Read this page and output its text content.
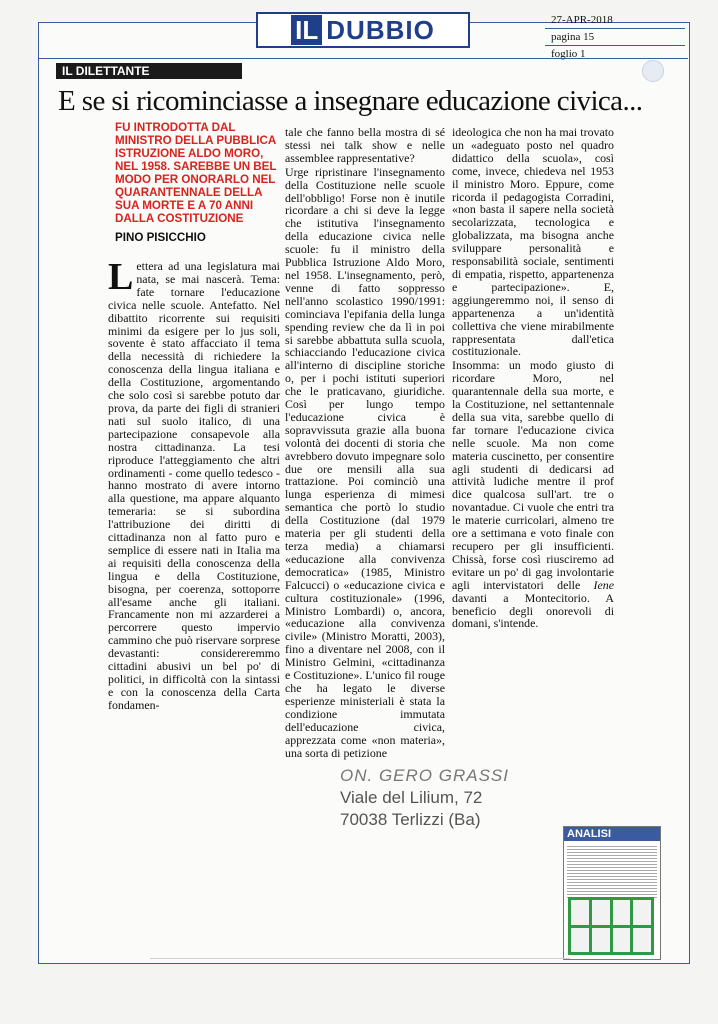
IL DUBBIO	27-APR-2018
pagina 15
foglio 1
IL DILETTANTE
E se si ricominciasse a insegnare educazione civica...
FU INTRODOTTA DAL MINISTRO DELLA PUBBLICA ISTRUZIONE ALDO MORO, NEL 1958. SAREBBE UN BEL MODO PER ONORARLO NEL QUARANTENNALE DELLA SUA MORTE E A 70 ANNI DALLA COSTITUZIONE
PINO PISICCHIO

Lettera ad una legislatura mai nata, se mai nascerà. Tema: fate tornare l'educazione civica nelle scuole. Antefatto. Nel dibattito ricorrente sui requisiti minimi da esigere per lo jus soli, sovente è stato affacciato il tema della necessità di richiedere la conoscenza della lingua italiana e della Costituzione, argomentando che solo così si sarebbe potuto dar prova, da parte dei figli di stranieri nati sul suolo italico, di una partecipazione consapevole alla nostra cittadinanza. La tesi riproduce l'atteggiamento che altri ordinamenti - come quello tedesco - hanno mostrato di avere intorno alla questione, ma appare alquanto temeraria: se si subordina l'attribuzione dei diritti di cittadinanza non al fatto puro e semplice di essere nati in Italia ma ai requisiti della conoscenza della lingua e della Costituzione, bisogna, per coerenza, sottoporre all'esame anche gli italiani. Francamente non mi azzarderei a percorrere questo impervio cammino che può riservare sorprese devastanti: considereremmo cittadini abusivi un bel po' di politici, in difficoltà con la sintassi e con la conoscenza della Carta fondamen-

tale che fanno bella mostra di sé stessi nei talk show e nelle assemblee rappresentative?

Urge ripristinare l'insegnamento della Costituzione nelle scuole dell'obbligo! Forse non è inutile ricordare a chi si deve la legge che istitutiva l'insegnamento della educazione civica nelle scuole: fu il ministro della Pubblica Istruzione Aldo Moro, nel 1958. L'insegnamento, però, venne di fatto soppresso nell'anno scolastico 1990/1991: cominciava l'epifania della lunga spending review che da lì in poi si sarebbe abbattuta sulla scuola, schiacciando l'educazione civica all'interno di discipline storiche o, per i pochi istituti superiori che le praticavano, giuridiche. Così per lungo tempo l'educazione civica è sopravvissuta grazie alla buona volontà dei docenti di storia che avrebbero dovuto impegnare solo due ore mensili alla sua trattazione. Poi cominciò una lunga esperienza di mimesi semantica che portò lo studio della Costituzione (dal 1979 materia per gli studenti della terza media) a chiamarsi «educazione alla convivenza democratica» (1985, Ministro Falcucci) o «educazione civica e cultura costituzionale» (1996, Ministro Lombardi) o, ancora, «educazione alla convivenza civile» (Ministro Moratti, 2003), fino a diventare nel 2008, con il Ministro Gelmini, «cittadinanza e Costituzione». L'unico fil rouge che ha legato le diverse esperienze ministeriali è stata la condizione immutata dell'educazione civica, apprezzata come «non materia», una sorta di petizione

ideologica che non ha mai trovato un «adeguato posto nel quadro didattico della scuola», così come, invece, chiedeva nel 1953 il ministro Moro. Eppure, come ricorda il pedagogista Corradini, «non basta il sapere nella società secolarizzata, tecnologica e globalizzata, ma bisogna anche sviluppare personalità e responsabilità sociale, sentimenti di empatia, rispetto, appartenenza e partecipazione». E, aggiungeremmo noi, il senso di appartenenza a un'identità collettiva che viene mirabilmente rappresentata dall'etica costituzionale.

Insomma: un modo giusto di ricordare Moro, nel quarantennale della sua morte, e la Costituzione, nel settantennale della sua vita, sarebbe quello di far tornare l'educazione civica nelle scuole. Ma non come materia cuscinetto, per consentire agli studenti di dedicarsi ad attività ludiche mentre il prof dice qualcosa sull'art. tre o novantadue. Ci vuole che entri tra le materie curricolari, almeno tre ore a settimana e voto finale con recupero per gli insufficienti. Chissà, forse così riusciremo ad evitare un po' di gag involontarie agli intervistatori delle Iene davanti a Montecitorio. A beneficio degli onorevoli di domani, s'intende.

ON. GERO GRASSI
Viale del Lilium, 72
70038 Terlizzi (Ba)
ANALISI
